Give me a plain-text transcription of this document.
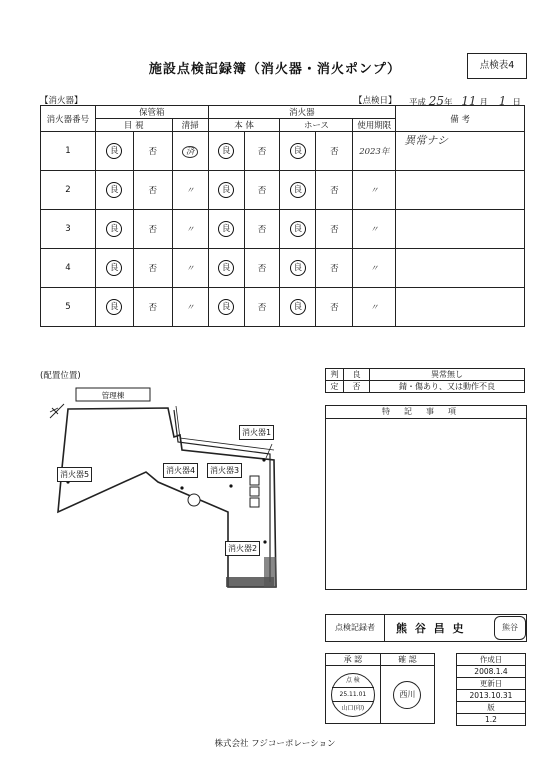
施設点検記録簿（消火器・消火ポンプ）	点検表4
【消火器】	【点検日】 平成 25年 11 月 1 日
消火器番号	保管箱			消火器					備 考
	目 視		清掃	本 体		ホース		使用期限	
1	良	否	済	良	否	良	否	2023年	異常ナシ
2	良	否	〃	良	否	良	否	〃	
3	良	否	〃	良	否	良	否	〃	
4	良	否	〃	良	否	良	否	〃	
5	良	否	〃	良	否	良	否	〃	
(配置位置)
管理棟
消火器1
消火器2
消火器3
消火器4
消火器5
判	良	異常無し
定	否	錆・傷あり、又は動作不良
特記事項
点検記録者	熊 谷 昌 史	熊谷
承 認	確 認

点 検
25.11.01
山口(印)	西川
作成日
2008.1.4
更新日
2013.10.31
版
1.2
株式会社 フジコーポレーション
